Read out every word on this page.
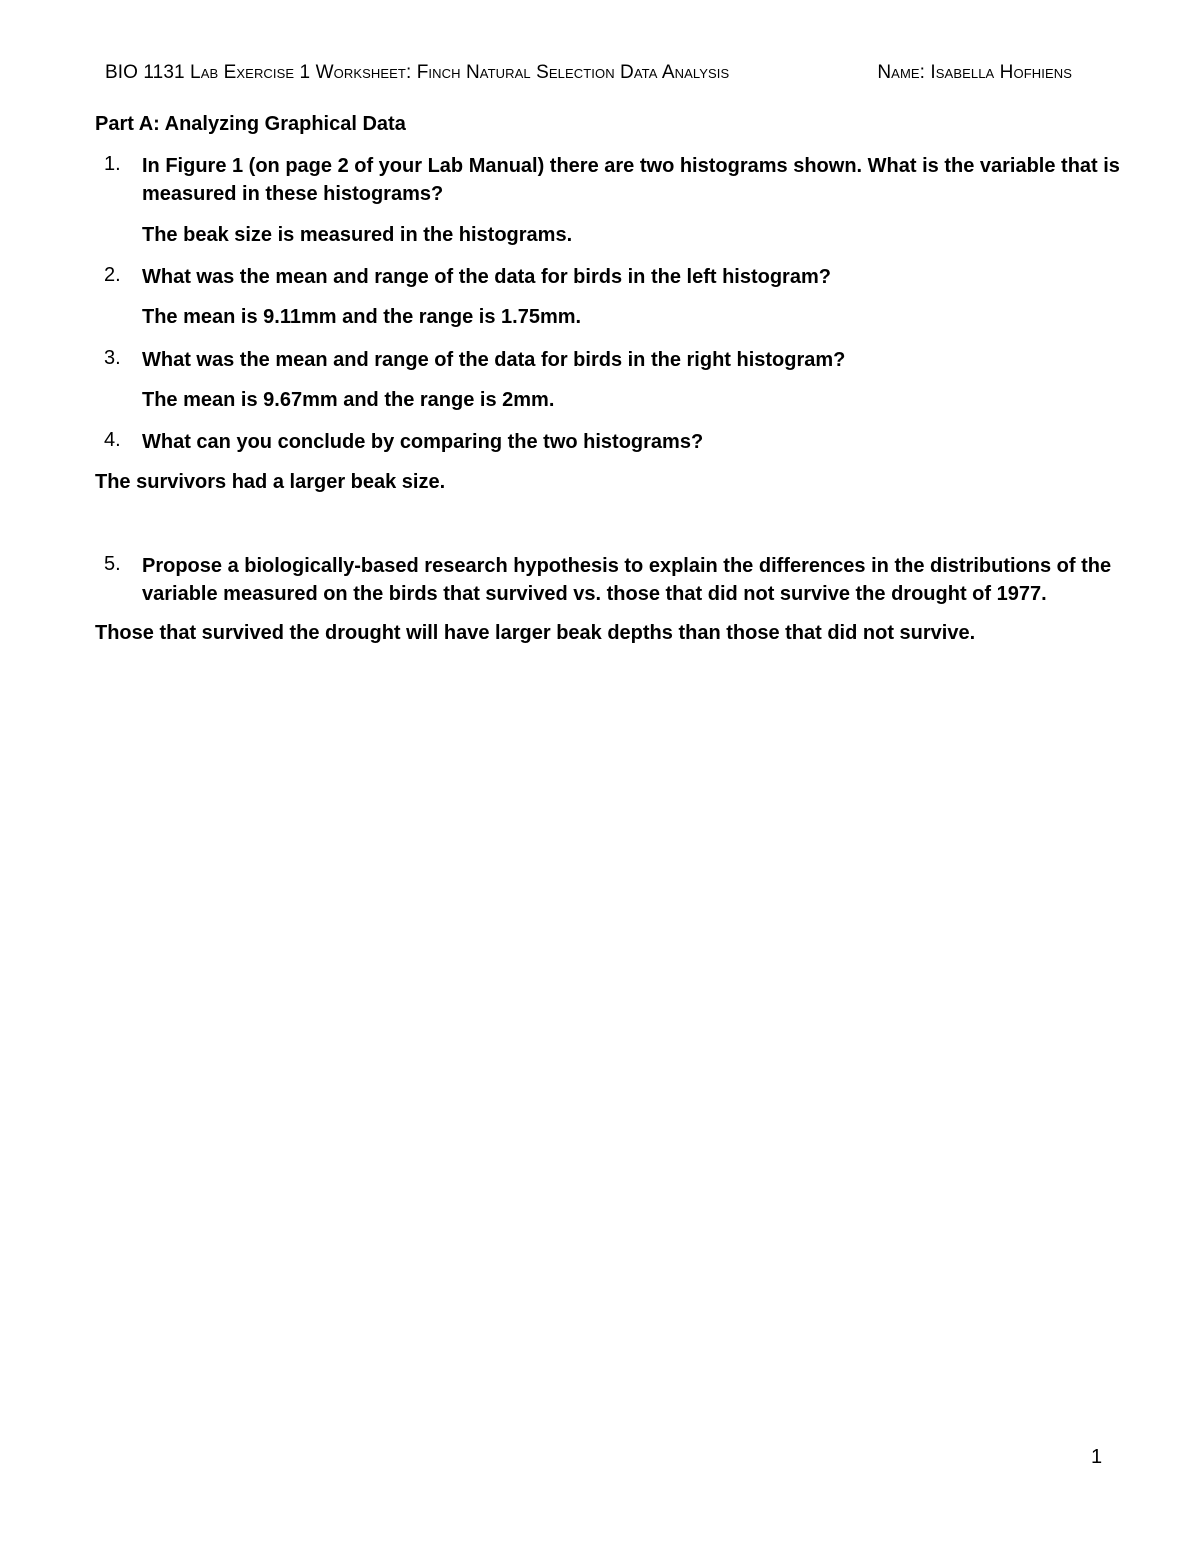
BIO 1131 Lab Exercise 1 Worksheet: Finch Natural Selection Data Analysis	Name: Isabella Hofhiens
Part A: Analyzing Graphical Data
1. In Figure 1 (on page 2 of your Lab Manual) there are two histograms shown. What is the variable that is measured in these histograms?
The beak size is measured in the histograms.
2. What was the mean and range of the data for birds in the left histogram?
The mean is 9.11mm and the range is 1.75mm.
3. What was the mean and range of the data for birds in the right histogram?
The mean is 9.67mm and the range is 2mm.
4. What can you conclude by comparing the two histograms?
The survivors had a larger beak size.
5. Propose a biologically-based research hypothesis to explain the differences in the distributions of the variable measured on the birds that survived vs. those that did not survive the drought of 1977.
Those that survived the drought will have larger beak depths than those that did not survive.
1
